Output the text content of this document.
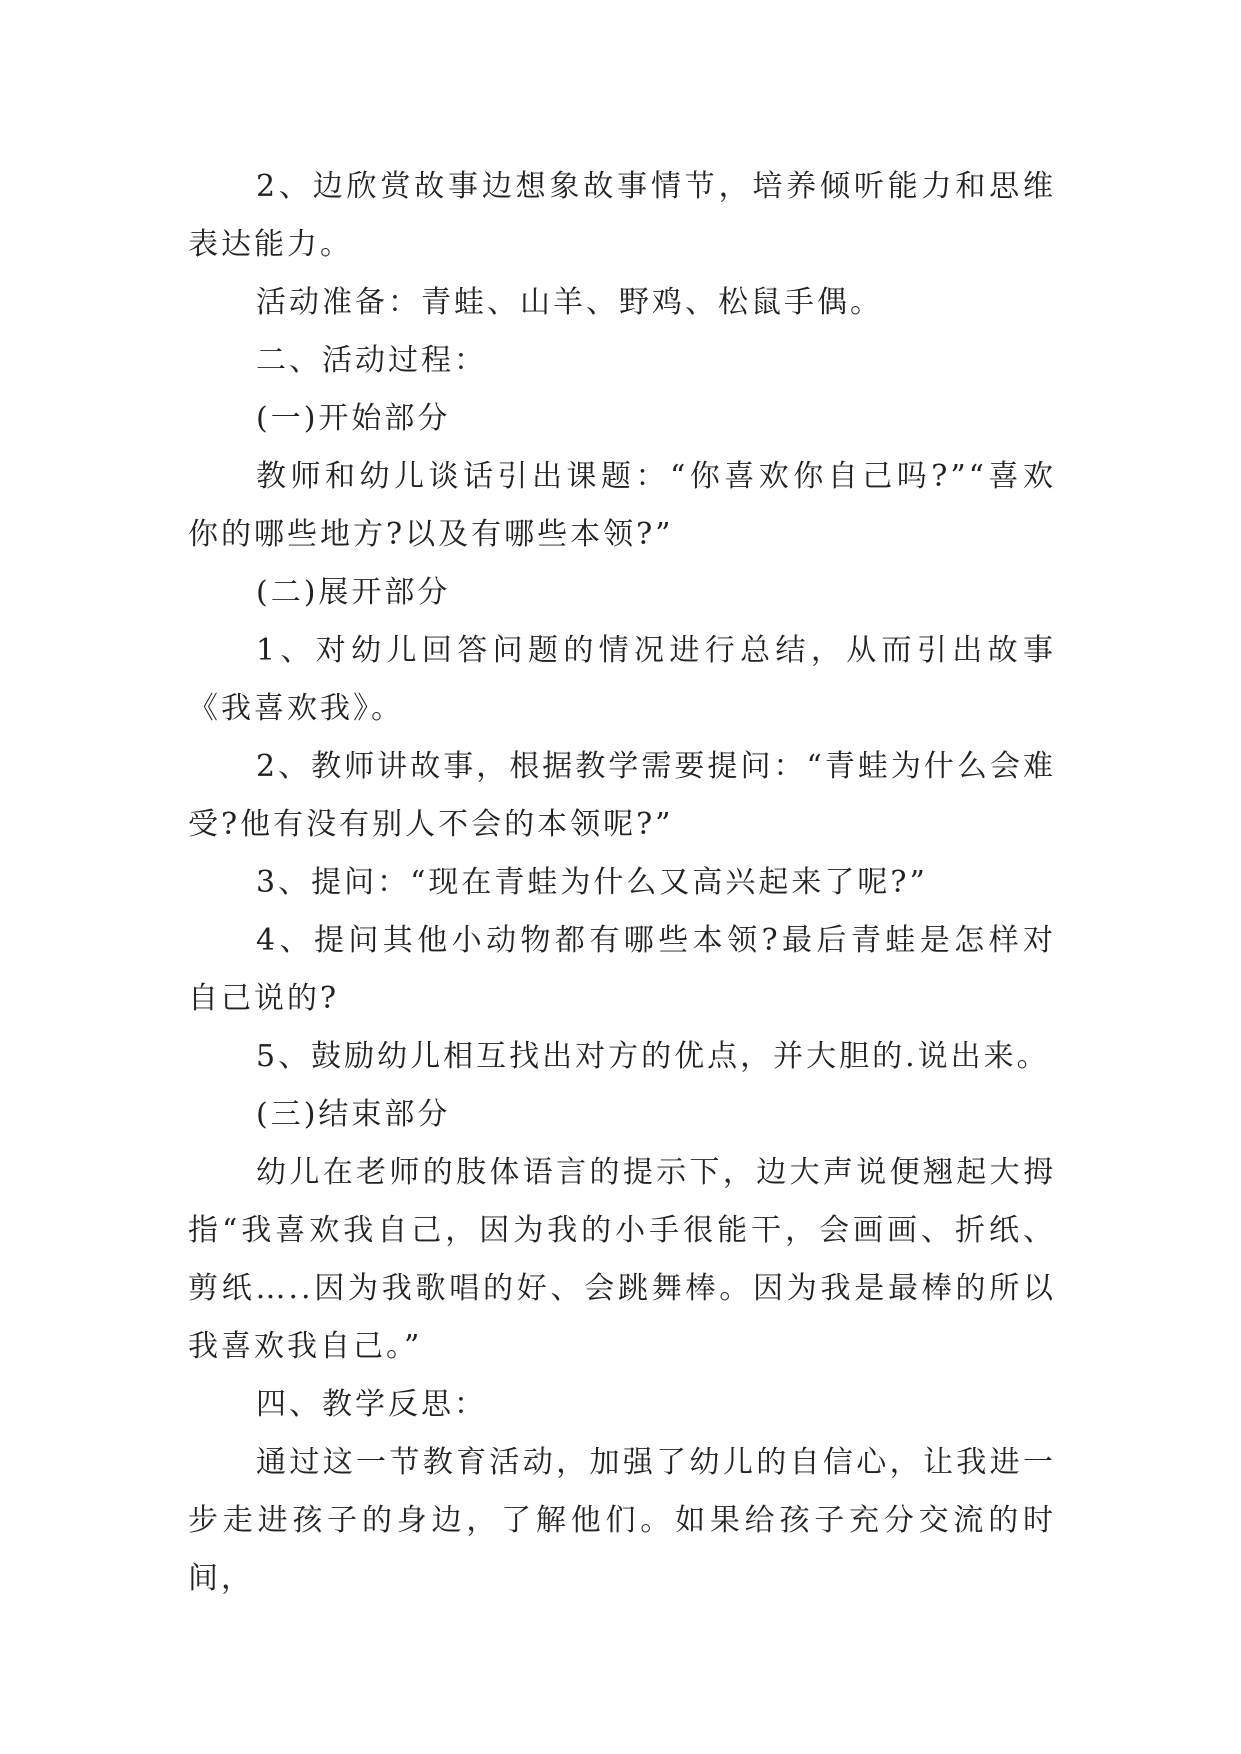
2、边欣赏故事边想象故事情节，培养倾听能力和思维表达能力。

活动准备：青蛙、山羊、野鸡、松鼠手偶。

二、活动过程：

(一)开始部分

教师和幼儿谈话引出课题：“你喜欢你自己吗?”“喜欢你的哪些地方?以及有哪些本领?”

(二)展开部分

1、对幼儿回答问题的情况进行总结，从而引出故事《我喜欢我》。

2、教师讲故事，根据教学需要提问：“青蛙为什么会难受?他有没有别人不会的本领呢?”

3、提问：“现在青蛙为什么又高兴起来了呢?”

4、提问其他小动物都有哪些本领?最后青蛙是怎样对自己说的?

5、鼓励幼儿相互找出对方的优点，并大胆的.说出来。

(三)结束部分

幼儿在老师的肢体语言的提示下，边大声说便翘起大拇指“我喜欢我自己，因为我的小手很能干，会画画、折纸、剪纸…..因为我歌唱的好、会跳舞棒。因为我是最棒的所以我喜欢我自己。”

四、教学反思：

通过这一节教育活动，加强了幼儿的自信心，让我进一步走进孩子的身边，了解他们。如果给孩子充分交流的时间，
